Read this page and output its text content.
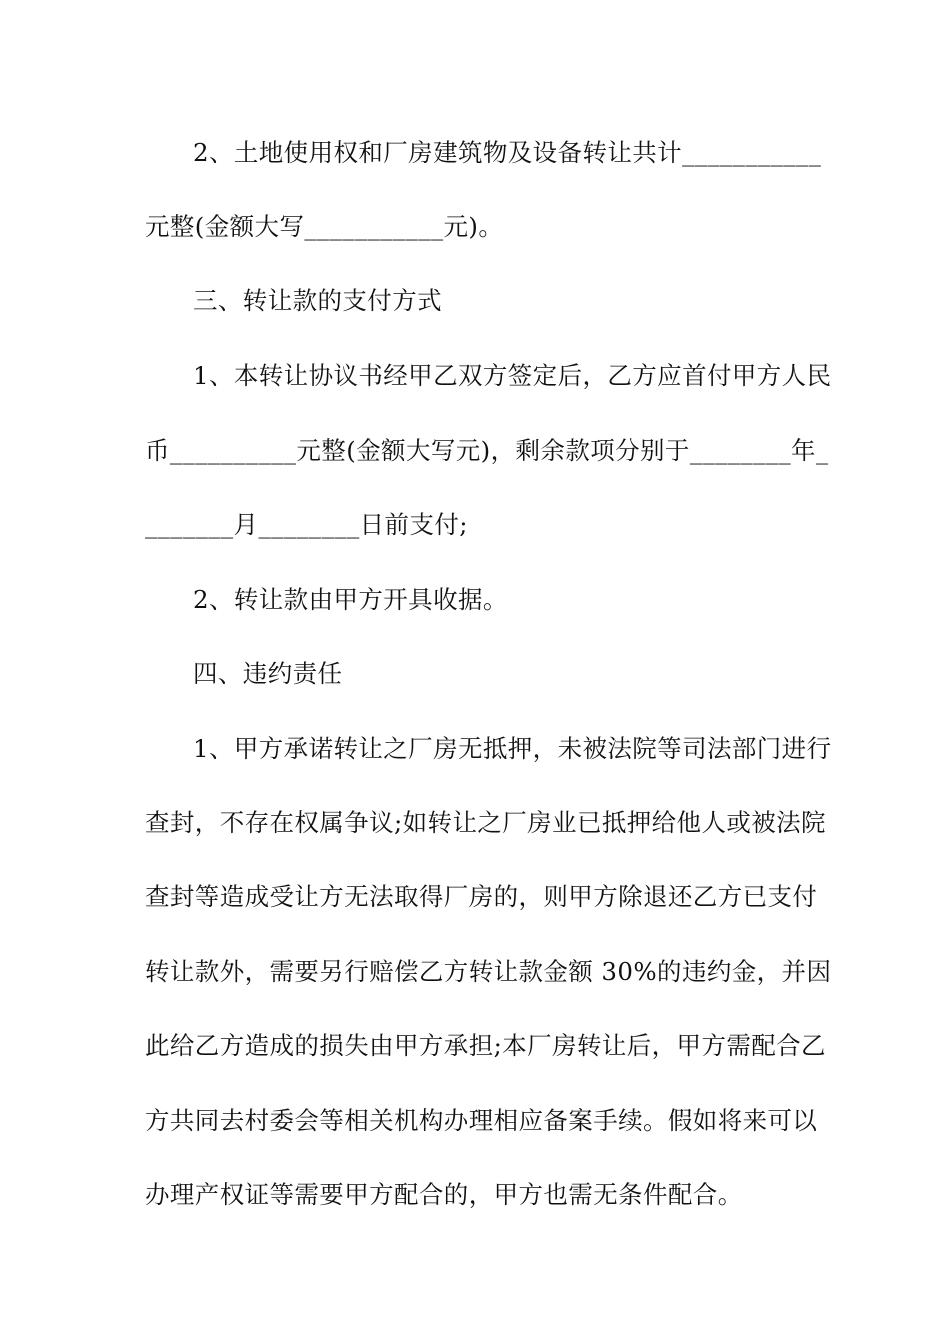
2、土地使用权和厂房建筑物及设备转让共计___________
元整(金额大写___________元)。
三、转让款的支付方式
1、本转让协议书经甲乙双方签定后，乙方应首付甲方人民
币__________元整(金额大写元)，剩余款项分别于________年_
_______月________日前支付;
2、转让款由甲方开具收据。
四、违约责任
1、甲方承诺转让之厂房无抵押，未被法院等司法部门进行
查封，不存在权属争议;如转让之厂房业已抵押给他人或被法院
查封等造成受让方无法取得厂房的，则甲方除退还乙方已支付
转让款外，需要另行赔偿乙方转让款金额 30%的违约金，并因
此给乙方造成的损失由甲方承担;本厂房转让后，甲方需配合乙
方共同去村委会等相关机构办理相应备案手续。假如将来可以
办理产权证等需要甲方配合的，甲方也需无条件配合。
